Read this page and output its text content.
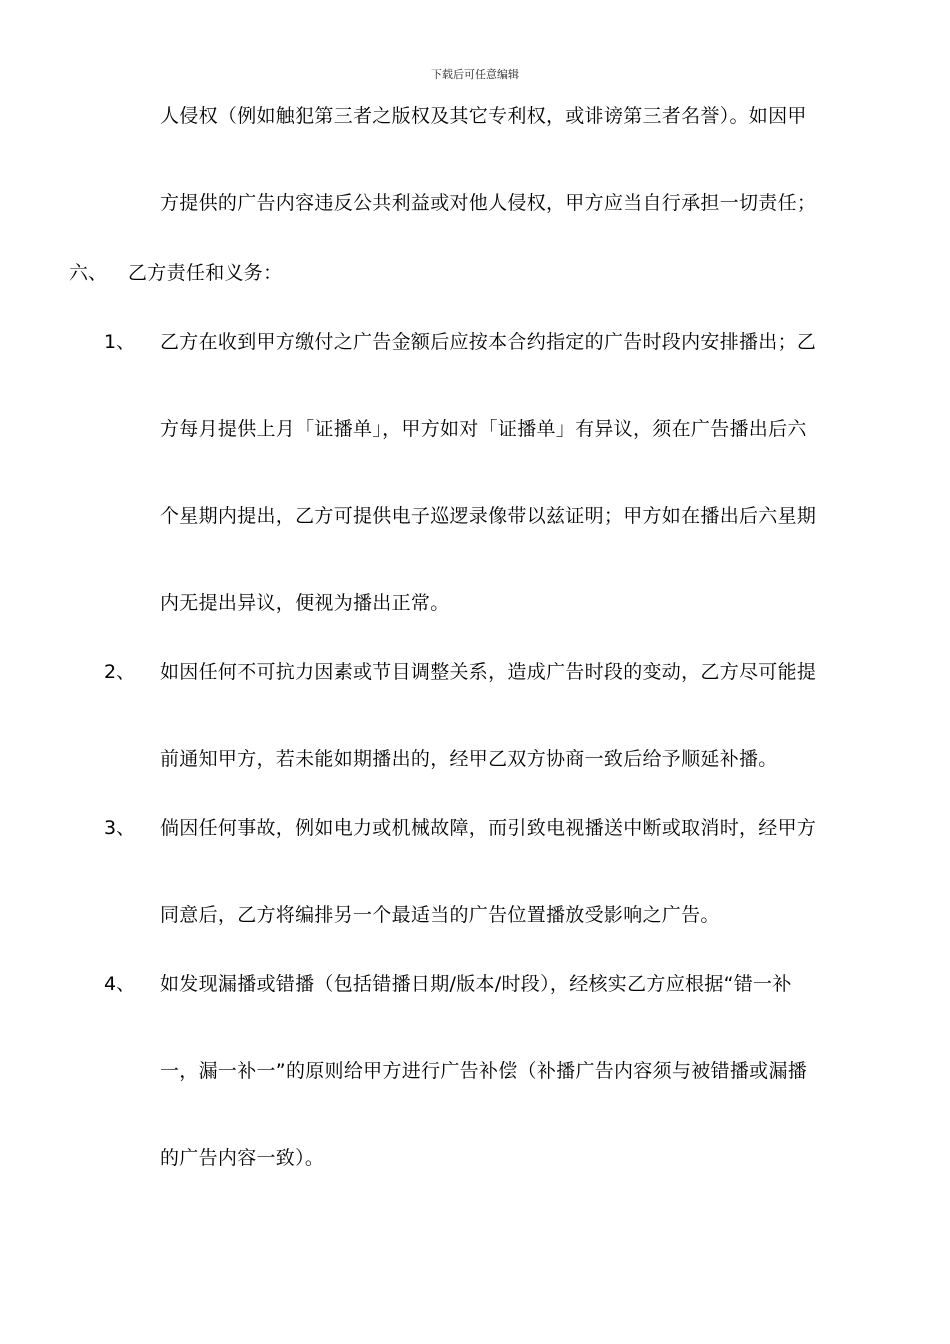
下载后可任意编辑
人侵权（例如触犯第三者之版权及其它专利权，或诽谤第三者名誉）。如因甲
方提供的广告内容违反公共利益或对他人侵权，甲方应当自行承担一切责任；
六、 乙方责任和义务：
1、 乙方在收到甲方缴付之广告金额后应按本合约指定的广告时段内安排播出；乙
方每月提供上月「证播单」，甲方如对「证播单」有异议，须在广告播出后六
个星期内提出，乙方可提供电子巡逻录像带以兹证明；甲方如在播出后六星期
内无提出异议，便视为播出正常。
2、 如因任何不可抗力因素或节目调整关系，造成广告时段的变动，乙方尽可能提
前通知甲方，若未能如期播出的，经甲乙双方协商一致后给予顺延补播。
3、 倘因任何事故，例如电力或机械故障，而引致电视播送中断或取消时，经甲方
同意后，乙方将编排另一个最适当的广告位置播放受影响之广告。
4、 如发现漏播或错播（包括错播日期/版本/时段），经核实乙方应根据“错一补
一，漏一补一”的原则给甲方进行广告补偿（补播广告内容须与被错播或漏播
的广告内容一致）。
